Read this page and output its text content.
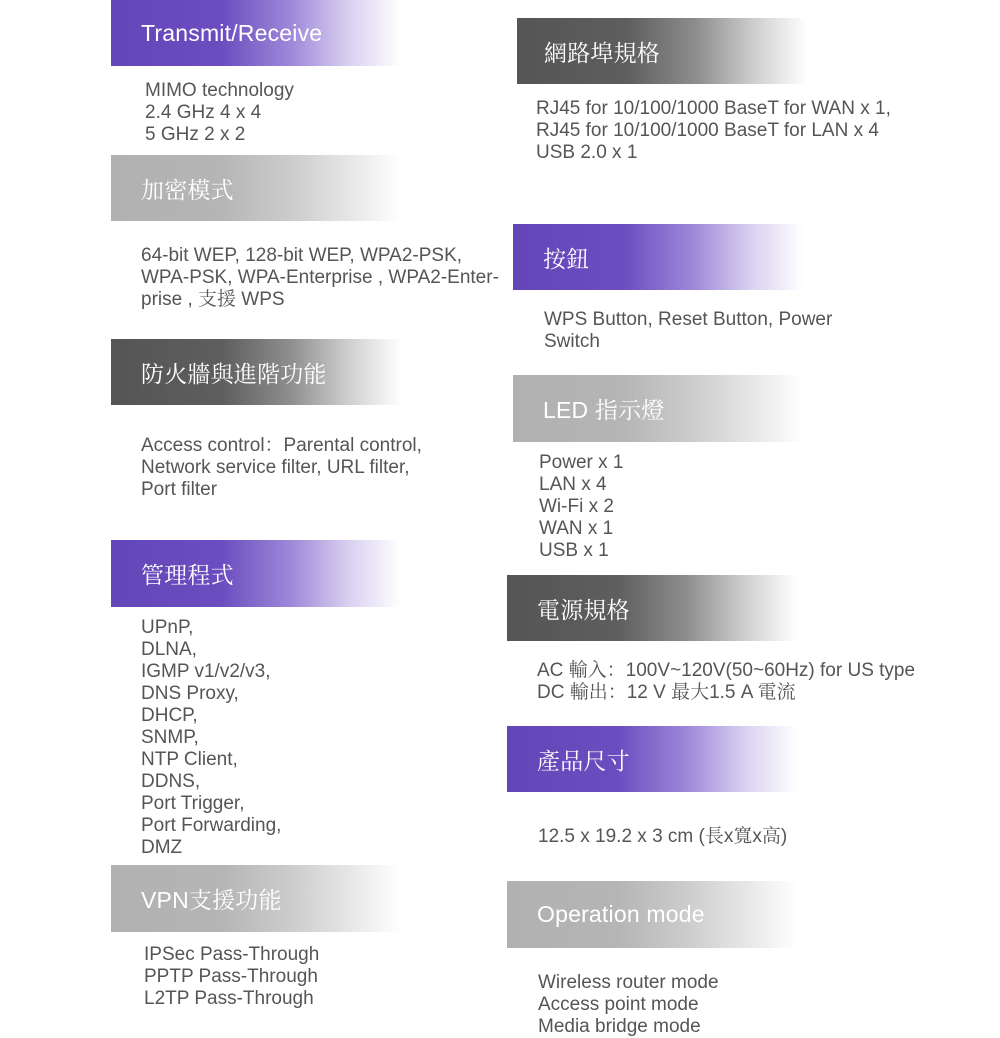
Transmit/Receive
MIMO technology
2.4 GHz 4 x 4
5 GHz 2 x 2
加密模式
64-bit WEP, 128-bit WEP, WPA2-PSK,
WPA-PSK, WPA-Enterprise , WPA2-Enter-
prise , 支援 WPS
防火牆與進階功能
Access control：Parental control,
Network service filter, URL filter,
Port filter
管理程式
UPnP,
DLNA,
IGMP v1/v2/v3,
DNS Proxy,
DHCP,
SNMP,
NTP Client,
DDNS,
Port Trigger,
Port Forwarding,
DMZ
VPN支援功能
IPSec Pass-Through
PPTP Pass-Through
L2TP Pass-Through
網路埠規格
RJ45 for 10/100/1000 BaseT for WAN x 1,
RJ45 for 10/100/1000 BaseT for LAN x 4
USB 2.0 x 1
按鈕
WPS Button, Reset Button, Power
Switch
LED 指示燈
Power x 1
LAN x 4
Wi-Fi x 2
WAN x 1
USB x 1
電源規格
AC 輸入：100V~120V(50~60Hz) for US type
DC 輸出：12 V 最大1.5 A 電流
產品尺寸
12.5 x 19.2 x 3 cm (長x寬x高)
Operation mode
Wireless router mode
Access point mode
Media bridge mode
